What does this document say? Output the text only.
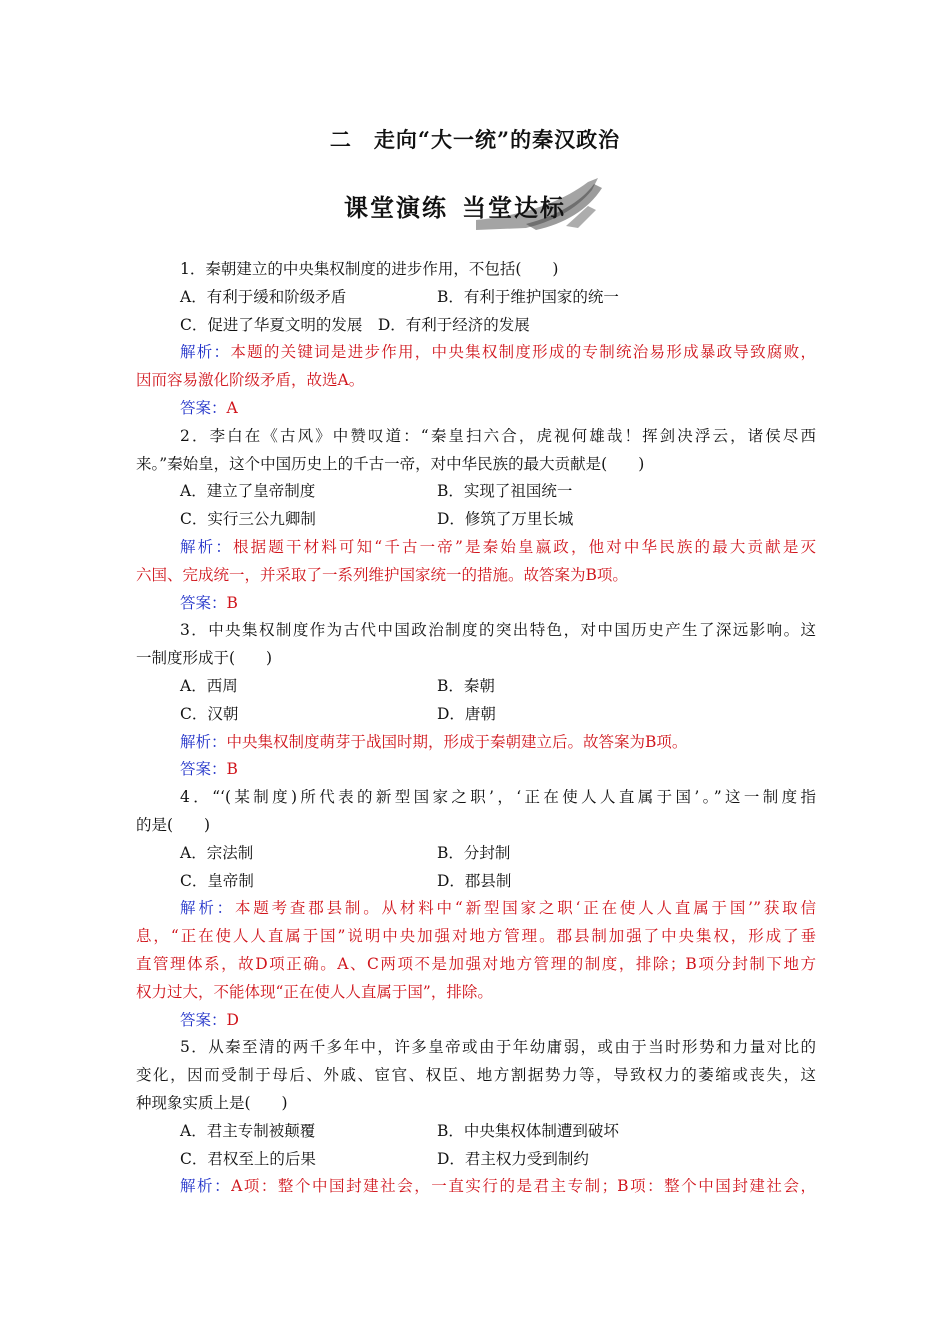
二 走向“大一统”的秦汉政治
课堂演练 当堂达标
1．秦朝建立的中央集权制度的进步作用，不包括(　　)
A．有利于缓和阶级矛盾	B．有利于维护国家的统一
C．促进了华夏文明的发展　D．有利于经济的发展
解析：本题的关键词是进步作用，中央集权制度形成的专制统治易形成暴政导致腐败，
因而容易激化阶级矛盾，故选A。
答案：A
2．李白在《古风》中赞叹道：“秦皇扫六合，虎视何雄哉！挥剑决浮云，诸侯尽西
来。”秦始皇，这个中国历史上的千古一帝，对中华民族的最大贡献是(　　)
A．建立了皇帝制度	B．实现了祖国统一
C．实行三公九卿制	D．修筑了万里长城
解析：根据题干材料可知“千古一帝”是秦始皇嬴政，他对中华民族的最大贡献是灭
六国、完成统一，并采取了一系列维护国家统一的措施。故答案为B项。
答案：B
3．中央集权制度作为古代中国政治制度的突出特色，对中国历史产生了深远影响。这
一制度形成于(　　)
A．西周	B．秦朝
C．汉朝	D．唐朝
解析：中央集权制度萌芽于战国时期，形成于秦朝建立后。故答案为B项。
答案：B
4．“‘(某制度)所代表的新型国家之职’，‘正在使人人直属于国’。”这一制度指
的是(　　)
A．宗法制	B．分封制
C．皇帝制	D．郡县制
解析：本题考查郡县制。从材料中“新型国家之职‘正在使人人直属于国’”获取信
息，“正在使人人直属于国”说明中央加强对地方管理。郡县制加强了中央集权，形成了垂
直管理体系，故D项正确。A、C两项不是加强对地方管理的制度，排除；B项分封制下地方
权力过大，不能体现“正在使人人直属于国”，排除。
答案：D
5．从秦至清的两千多年中，许多皇帝或由于年幼庸弱，或由于当时形势和力量对比的
变化，因而受制于母后、外戚、宦官、权臣、地方割据势力等，导致权力的萎缩或丧失，这
种现象实质上是(　　)
A．君主专制被颠覆	B．中央集权体制遭到破坏
C．君权至上的后果	D．君主权力受到制约
解析：A项：整个中国封建社会，一直实行的是君主专制；B项：整个中国封建社会，
